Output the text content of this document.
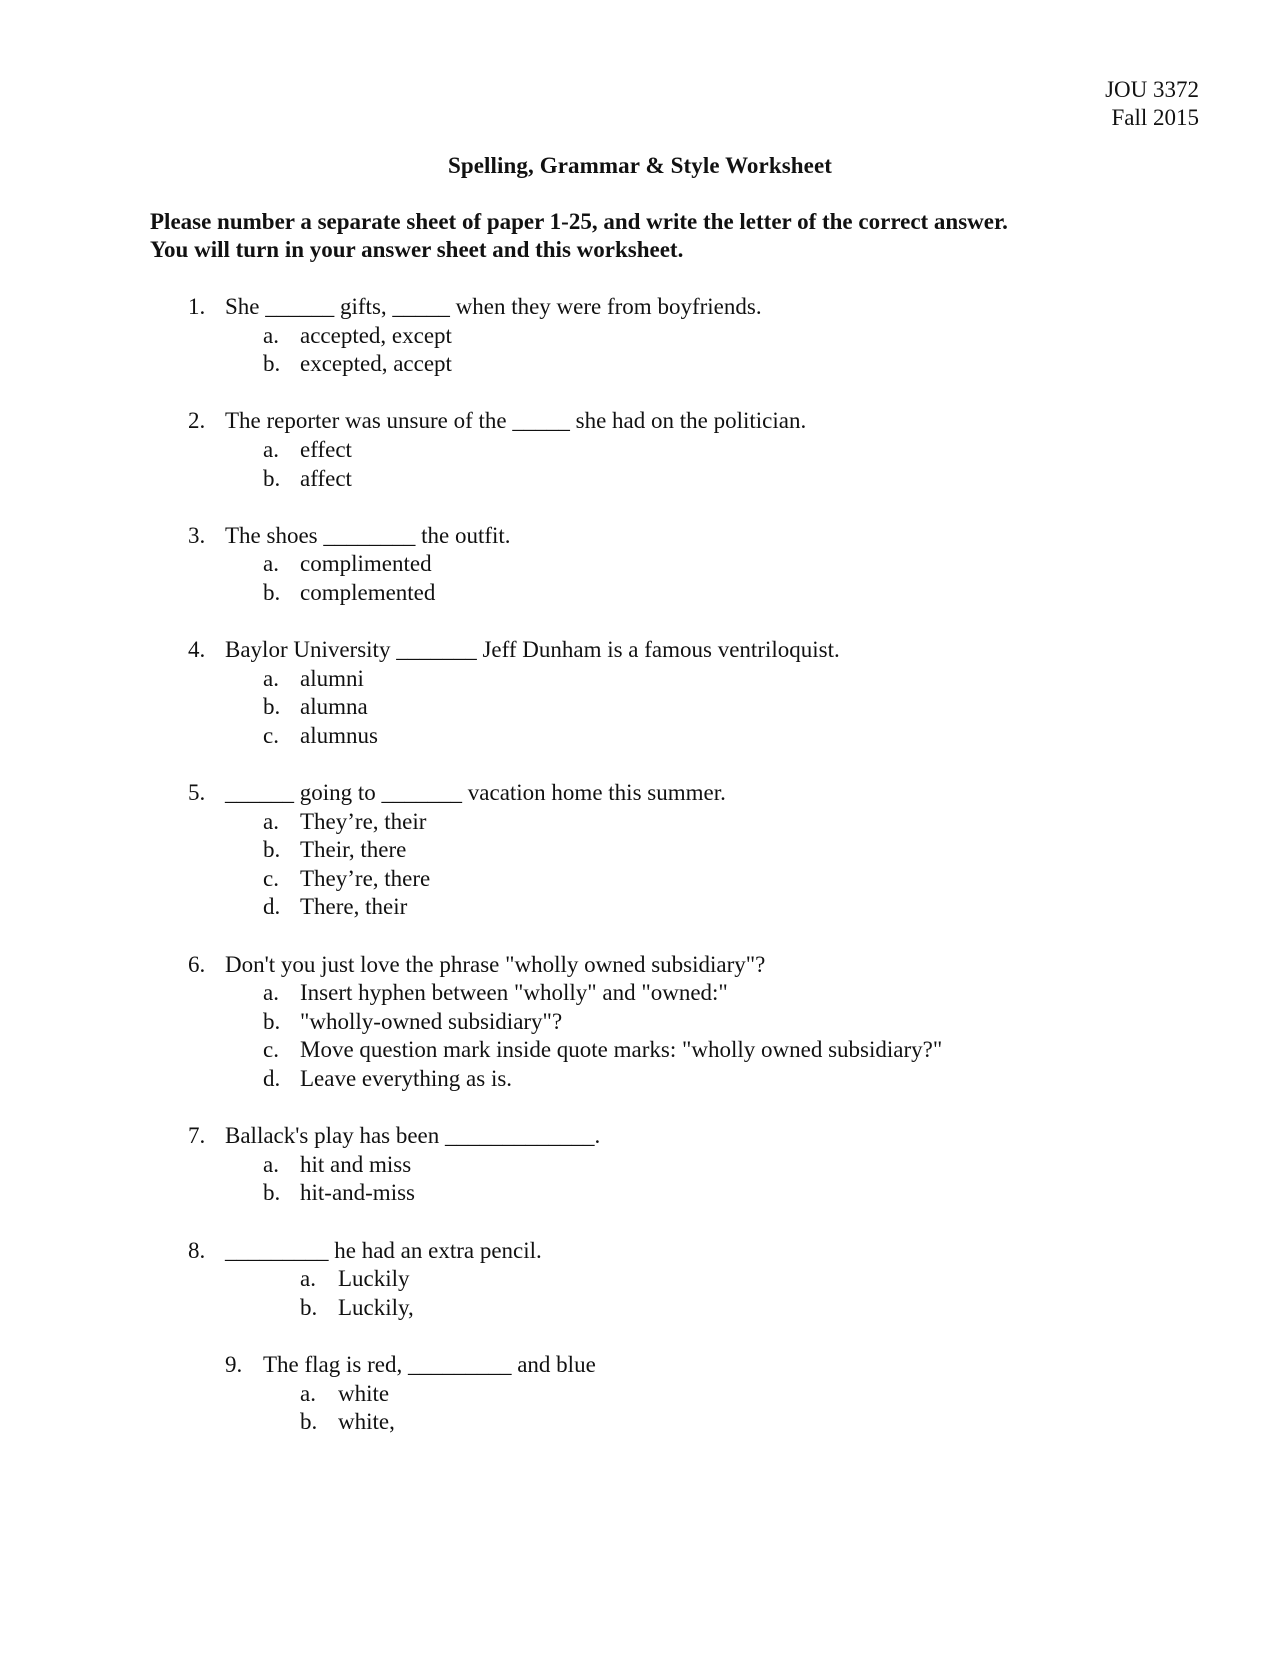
JOU 3372
Fall 2015
Spelling, Grammar & Style Worksheet
Please number a separate sheet of paper 1-25, and write the letter of the correct answer.
You will turn in your answer sheet and this worksheet.
1. She ______ gifts, _____ when they were from boyfriends.
a. accepted, except
b. excepted, accept
2. The reporter was unsure of the _____ she had on the politician.
a. effect
b. affect
3. The shoes ________ the outfit.
a. complimented
b. complemented
4. Baylor University _______ Jeff Dunham is a famous ventriloquist.
a. alumni
b. alumna
c. alumnus
5. ______ going to _______ vacation home this summer.
a. They’re, their
b. Their, there
c. They’re, there
d. There, their
6. Don't you just love the phrase "wholly owned subsidiary"?
a. Insert hyphen between "wholly" and "owned:"
b. "wholly-owned subsidiary"?
c. Move question mark inside quote marks: "wholly owned subsidiary?"
d. Leave everything as is.
7. Ballack's play has been _____________.
a. hit and miss
b. hit-and-miss
8. _________ he had an extra pencil.
a. Luckily
b. Luckily,
9. The flag is red, _________ and blue
a. white
b. white,
